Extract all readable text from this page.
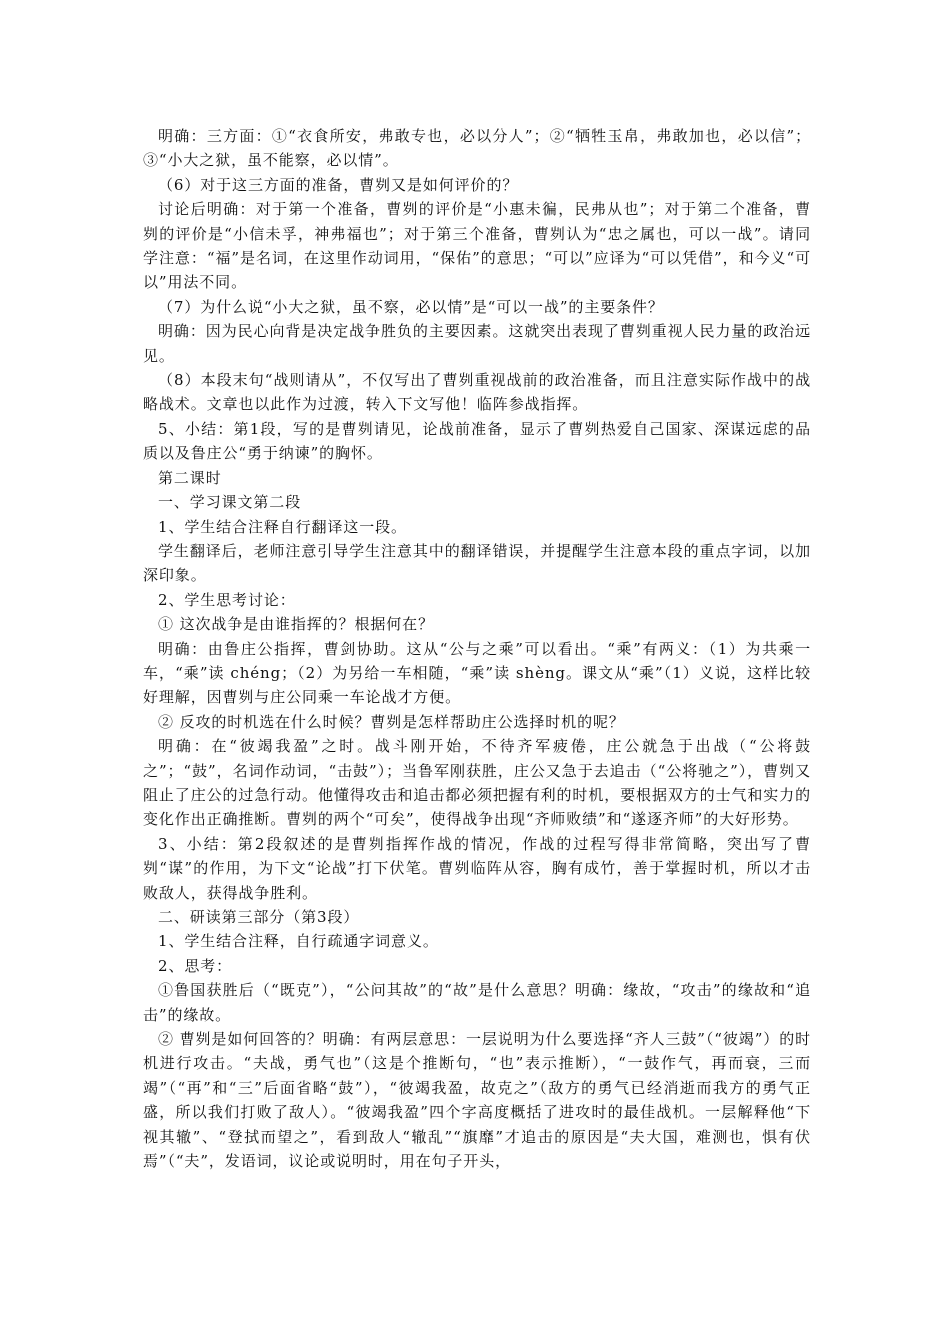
明确：三方面：①“衣食所安，弗敢专也，必以分人”；②“牺牲玉帛，弗敢加也，必以信”；③“小大之狱，虽不能察，必以情”。

（6）对于这三方面的准备，曹刿又是如何评价的？

讨论后明确：对于第一个准备，曹刿的评价是“小惠未徧，民弗从也”；对于第二个准备，曹刿的评价是“小信未孚，神弗福也”；对于第三个准备，曹刿认为“忠之属也，可以一战”。请同学注意：“福”是名词，在这里作动词用，“保佑”的意思；“可以”应译为“可以凭借”，和今义“可以”用法不同。

（7）为什么说“小大之狱，虽不察，必以情”是“可以一战”的主要条件？

明确：因为民心向背是决定战争胜负的主要因素。这就突出表现了曹刿重视人民力量的政治远见。

（8）本段末句“战则请从”，不仅写出了曹刿重视战前的政治准备，而且注意实际作战中的战略战术。文章也以此作为过渡，转入下文写他！临阵参战指挥。

5、小结：第1段，写的是曹刿请见，论战前准备，显示了曹刿热爱自己国家、深谋远虑的品质以及鲁庄公“勇于纳谏”的胸怀。

第二课时

一、学习课文第二段

1、学生结合注释自行翻译这一段。

学生翻译后，老师注意引导学生注意其中的翻译错误，并提醒学生注意本段的重点字词，以加深印象。

2、学生思考讨论：

① 这次战争是由谁指挥的？根据何在？

明确：由鲁庄公指挥，曹剑协助。这从“公与之乘”可以看出。“乘”有两义：（1）为共乘一车，“乘”读 chéng；（2）为另给一车相随，“乘”读 shèng。课文从“乘”（1）义说，这样比较好理解，因曹刿与庄公同乘一车论战才方便。

② 反攻的时机选在什么时候？曹刿是怎样帮助庄公选择时机的呢？

明确：在“彼竭我盈”之时。战斗刚开始，不待齐军疲倦，庄公就急于出战（“公将鼓之”；“鼓”，名词作动词，“击鼓”）；当鲁军刚获胜，庄公又急于去追击（“公将驰之”），曹刿又阻止了庄公的过急行动。他懂得攻击和追击都必须把握有利的时机，要根据双方的士气和实力的变化作出正确推断。曹刿的两个“可矣”，使得战争出现“齐师败绩”和“遂逐齐师”的大好形势。

3、小结：第2段叙述的是曹刿指挥作战的情况，作战的过程写得非常简略，突出写了曹刿“谋”的作用，为下文“论战”打下伏笔。曹刿临阵从容，胸有成竹，善于掌握时机，所以才击败敌人，获得战争胜利。

二、研读第三部分（第3段）

1、学生结合注释，自行疏通字词意义。

2、思考：

①鲁国获胜后（“既克”），“公问其故”的“故”是什么意思？明确：缘故，“攻击”的缘故和“追击”的缘故。

② 曹刿是如何回答的？明确：有两层意思：一层说明为什么要选择“齐人三鼓”（“彼竭”）的时机进行攻击。“夫战，勇气也”（这是个推断句，“也”表示推断），“一鼓作气，再而衰，三而竭”（“再”和“三”后面省略“鼓”），“彼竭我盈，故克之”（敌方的勇气已经消逝而我方的勇气正盛，所以我们打败了敌人）。“彼竭我盈”四个字高度概括了进攻时的最佳战机。一层解释他“下视其辙”、“登拭而望之”，看到敌人“辙乱”“旗靡”才追击的原因是“夫大国，难测也，惧有伏焉”（“夫”，发语词，议论或说明时，用在句子开头，
